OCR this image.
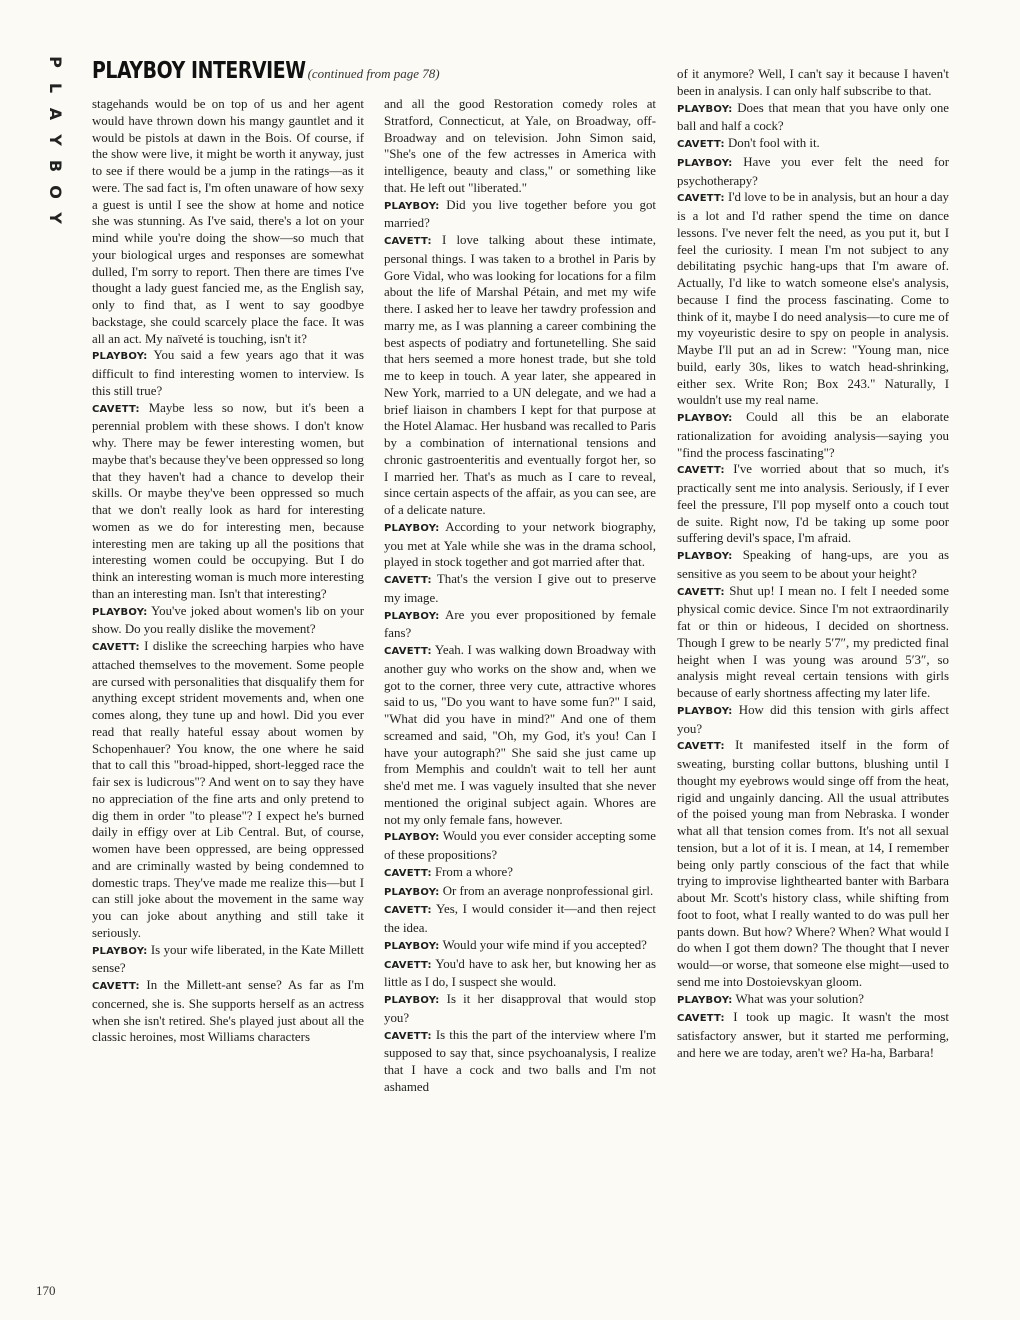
P
L
A
Y
B
O
Y
PLAYBOY INTERVIEW (continued from page 78)

stagehands would be on top of us and her agent would have thrown down his mangy gauntlet and it would be pistols at dawn in the Bois. Of course, if the show were live, it might be worth it anyway, just to see if there would be a jump in the ratings—as it were. The sad fact is, I'm often unaware of how sexy a guest is until I see the show at home and notice she was stunning. As I've said, there's a lot on your mind while you're doing the show—so much that your biological urges and responses are somewhat dulled, I'm sorry to report. Then there are times I've thought a lady guest fancied me, as the English say, only to find that, as I went to say goodbye backstage, she could scarcely place the face. It was all an act. My naïveté is touching, isn't it?

PLAYBOY: You said a few years ago that it was difficult to find interesting women to interview. Is this still true?

CAVETT: Maybe less so now, but it's been a perennial problem with these shows. I don't know why. There may be fewer interesting women, but maybe that's because they've been oppressed so long that they haven't had a chance to develop their skills. Or maybe they've been oppressed so much that we don't really look as hard for interesting women as we do for interesting men, because interesting men are taking up all the positions that interesting women could be occupying. But I do think an interesting woman is much more interesting than an interesting man. Isn't that interesting?

PLAYBOY: You've joked about women's lib on your show. Do you really dislike the movement?

CAVETT: I dislike the screeching harpies who have attached themselves to the movement. Some people are cursed with personalities that disqualify them for anything except strident movements and, when one comes along, they tune up and howl. Did you ever read that really hateful essay about women by Schopenhauer? You know, the one where he said that to call this "broad-hipped, short-legged race the fair sex is ludicrous"? And went on to say they have no appreciation of the fine arts and only pretend to dig them in order "to please"? I expect he's burned daily in effigy over at Lib Central. But, of course, women have been oppressed, are being oppressed and are criminally wasted by being condemned to domestic traps. They've made me realize this—but I can still joke about the movement in the same way you can joke about anything and still take it seriously.

PLAYBOY: Is your wife liberated, in the Kate Millett sense?

CAVETT: In the Millett-ant sense? As far as I'm concerned, she is. She supports herself as an actress when she isn't retired. She's played just about all the classic heroines, most Williams characters

and all the good Restoration comedy roles at Stratford, Connecticut, at Yale, on Broadway, off-Broadway and on television. John Simon said, "She's one of the few actresses in America with intelligence, beauty and class," or something like that. He left out "liberated."

PLAYBOY: Did you live together before you got married?

CAVETT: I love talking about these intimate, personal things. I was taken to a brothel in Paris by Gore Vidal, who was looking for locations for a film about the life of Marshal Pétain, and met my wife there. I asked her to leave her tawdry profession and marry me, as I was planning a career combining the best aspects of podiatry and fortunetelling. She said that hers seemed a more honest trade, but she told me to keep in touch. A year later, she appeared in New York, married to a UN delegate, and we had a brief liaison in chambers I kept for that purpose at the Hotel Alamac. Her husband was recalled to Paris by a combination of international tensions and chronic gastroenteritis and eventually forgot her, so I married her. That's as much as I care to reveal, since certain aspects of the affair, as you can see, are of a delicate nature.

PLAYBOY: According to your network biography, you met at Yale while she was in the drama school, played in stock together and got married after that.

CAVETT: That's the version I give out to preserve my image.

PLAYBOY: Are you ever propositioned by female fans?

CAVETT: Yeah. I was walking down Broadway with another guy who works on the show and, when we got to the corner, three very cute, attractive whores said to us, "Do you want to have some fun?" I said, "What did you have in mind?" And one of them screamed and said, "Oh, my God, it's you! Can I have your autograph?" She said she just came up from Memphis and couldn't wait to tell her aunt she'd met me. I was vaguely insulted that she never mentioned the original subject again. Whores are not my only female fans, however.

PLAYBOY: Would you ever consider accepting some of these propositions?

CAVETT: From a whore?

PLAYBOY: Or from an average nonprofessional girl.

CAVETT: Yes, I would consider it—and then reject the idea.

PLAYBOY: Would your wife mind if you accepted?

CAVETT: You'd have to ask her, but knowing her as little as I do, I suspect she would.

PLAYBOY: Is it her disapproval that would stop you?

CAVETT: Is this the part of the interview where I'm supposed to say that, since psychoanalysis, I realize that I have a cock and two balls and I'm not ashamed

of it anymore? Well, I can't say it because I haven't been in analysis. I can only half subscribe to that.

PLAYBOY: Does that mean that you have only one ball and half a cock?

CAVETT: Don't fool with it.

PLAYBOY: Have you ever felt the need for psychotherapy?

CAVETT: I'd love to be in analysis, but an hour a day is a lot and I'd rather spend the time on dance lessons. I've never felt the need, as you put it, but I feel the curiosity. I mean I'm not subject to any debilitating psychic hang-ups that I'm aware of. Actually, I'd like to watch someone else's analysis, because I find the process fascinating. Come to think of it, maybe I do need analysis—to cure me of my voyeuristic desire to spy on people in analysis. Maybe I'll put an ad in Screw: "Young man, nice build, early 30s, likes to watch head-shrinking, either sex. Write Ron; Box 243." Naturally, I wouldn't use my real name.

PLAYBOY: Could all this be an elaborate rationalization for avoiding analysis—saying you "find the process fascinating"?

CAVETT: I've worried about that so much, it's practically sent me into analysis. Seriously, if I ever feel the pressure, I'll pop myself onto a couch tout de suite. Right now, I'd be taking up some poor suffering devil's space, I'm afraid.

PLAYBOY: Speaking of hang-ups, are you as sensitive as you seem to be about your height?

CAVETT: Shut up! I mean no. I felt I needed some physical comic device. Since I'm not extraordinarily fat or thin or hideous, I decided on shortness. Though I grew to be nearly 5′7″, my predicted final height when I was young was around 5′3″, so analysis might reveal certain tensions with girls because of early shortness affecting my later life.

PLAYBOY: How did this tension with girls affect you?

CAVETT: It manifested itself in the form of sweating, bursting collar buttons, blushing until I thought my eyebrows would singe off from the heat, rigid and ungainly dancing. All the usual attributes of the poised young man from Nebraska. I wonder what all that tension comes from. It's not all sexual tension, but a lot of it is. I mean, at 14, I remember being only partly conscious of the fact that while trying to improvise lighthearted banter with Barbara about Mr. Scott's history class, while shifting from foot to foot, what I really wanted to do was pull her pants down. But how? Where? When? What would I do when I got them down? The thought that I never would—or worse, that someone else might—used to send me into Dostoievskyan gloom.

PLAYBOY: What was your solution?

CAVETT: I took up magic. It wasn't the most satisfactory answer, but it started me performing, and here we are today, aren't we? Ha-ha, Barbara!

170
